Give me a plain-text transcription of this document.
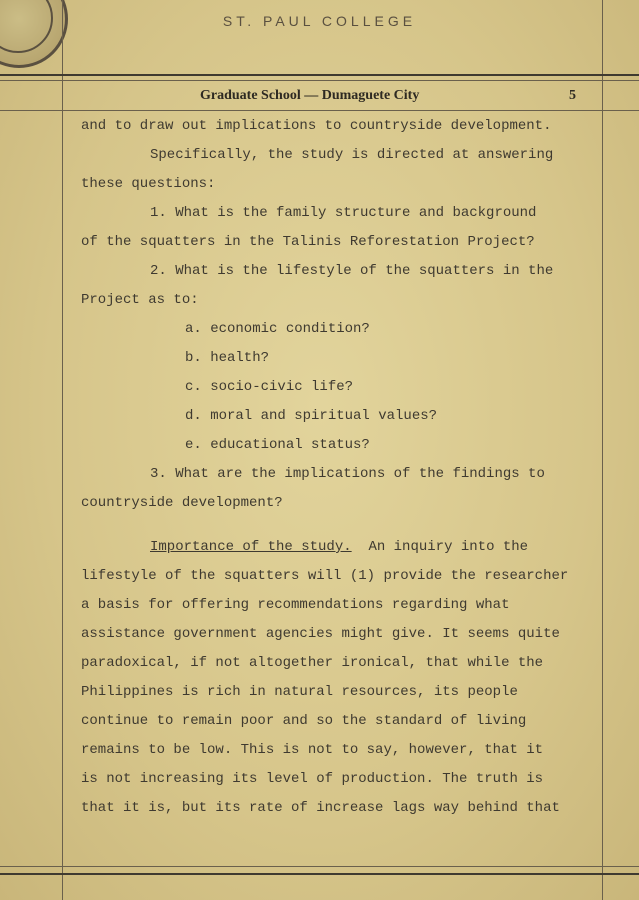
ST. PAUL COLLEGE
Graduate School — Dumaguete City	5
and to draw out implications to countryside development.
Specifically, the study is directed at answering
these questions:
1. What is the family structure and background
of the squatters in the Talinis Reforestation Project?
2. What is the lifestyle of the squatters in the
Project as to:
a. economic condition?
b. health?
c. socio-civic life?
d. moral and spiritual values?
e. educational status?
3. What are the implications of the findings to
countryside development?
Importance of the study. An inquiry into the
lifestyle of the squatters will (1) provide the researcher
a basis for offering recommendations regarding what
assistance government agencies might give. It seems quite
paradoxical, if not altogether ironical, that while the
Philippines is rich in natural resources, its people
continue to remain poor and so the standard of living
remains to be low. This is not to say, however, that it
is not increasing its level of production. The truth is
that it is, but its rate of increase lags way behind that
